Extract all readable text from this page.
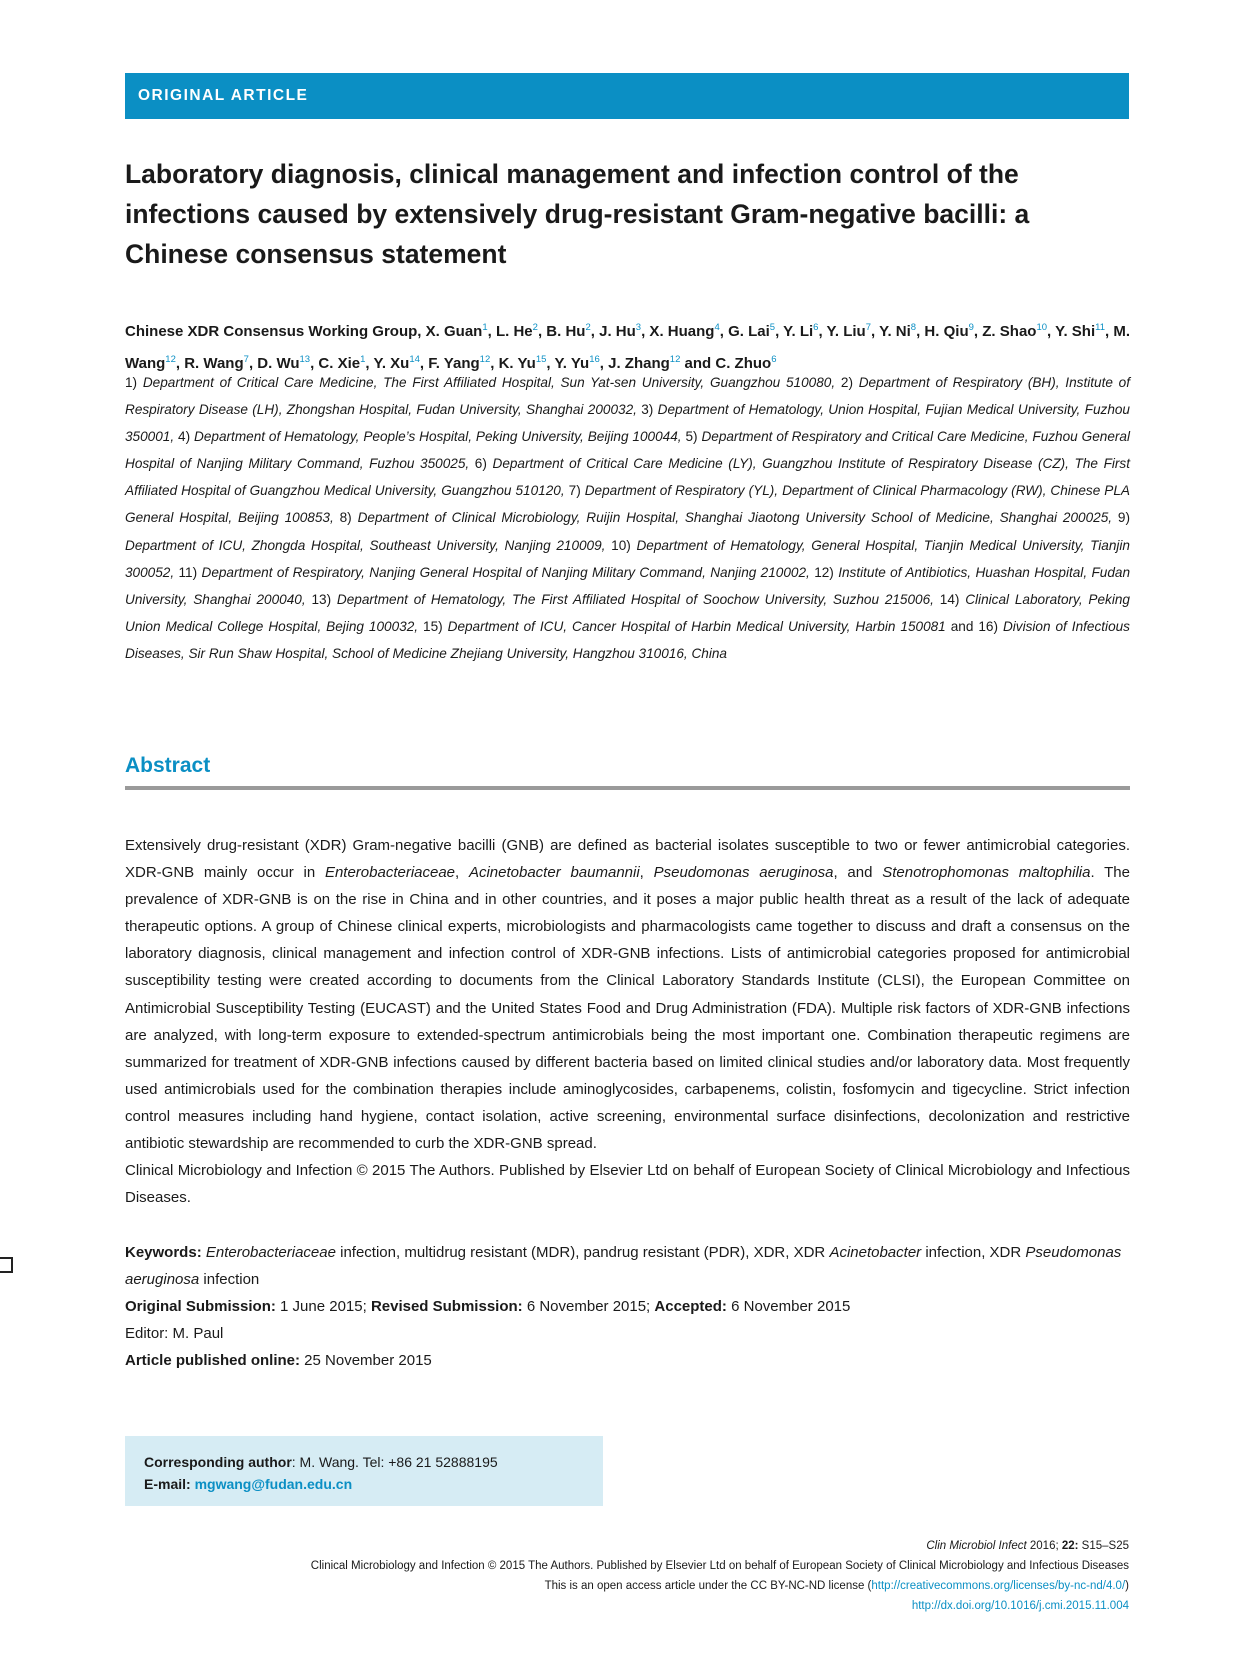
ORIGINAL ARTICLE
Laboratory diagnosis, clinical management and infection control of the infections caused by extensively drug-resistant Gram-negative bacilli: a Chinese consensus statement
Chinese XDR Consensus Working Group, X. Guan$^1$, L. He$^2$, B. Hu$^2$, J. Hu$^3$, X. Huang$^4$, G. Lai$^5$, Y. Li$^6$, Y. Liu$^7$, Y. Ni$^8$, H. Qiu$^9$, Z. Shao$^{10}$, Y. Shi$^{11}$, M. Wang$^{12}$, R. Wang$^7$, D. Wu$^{13}$, C. Xie$^1$, Y. Xu$^{14}$, F. Yang$^{12}$, K. Yu$^{15}$, Y. Yu$^{16}$, J. Zhang$^{12}$ and C. Zhuo$^6$
1) Department of Critical Care Medicine, The First Affiliated Hospital, Sun Yat-sen University, Guangzhou 510080, 2) Department of Respiratory (BH), Institute of Respiratory Disease (LH), Zhongshan Hospital, Fudan University, Shanghai 200032, 3) Department of Hematology, Union Hospital, Fujian Medical University, Fuzhou 350001, 4) Department of Hematology, People’s Hospital, Peking University, Beijing 100044, 5) Department of Respiratory and Critical Care Medicine, Fuzhou General Hospital of Nanjing Military Command, Fuzhou 350025, 6) Department of Critical Care Medicine (LY), Guangzhou Institute of Respiratory Disease (CZ), The First Affiliated Hospital of Guangzhou Medical University, Guangzhou 510120, 7) Department of Respiratory (YL), Department of Clinical Pharmacology (RW), Chinese PLA General Hospital, Beijing 100853, 8) Department of Clinical Microbiology, Ruijin Hospital, Shanghai Jiaotong University School of Medicine, Shanghai 200025, 9) Department of ICU, Zhongda Hospital, Southeast University, Nanjing 210009, 10) Department of Hematology, General Hospital, Tianjin Medical University, Tianjin 300052, 11) Department of Respiratory, Nanjing General Hospital of Nanjing Military Command, Nanjing 210002, 12) Institute of Antibiotics, Huashan Hospital, Fudan University, Shanghai 200040, 13) Department of Hematology, The First Affiliated Hospital of Soochow University, Suzhou 215006, 14) Clinical Laboratory, Peking Union Medical College Hospital, Bejing 100032, 15) Department of ICU, Cancer Hospital of Harbin Medical University, Harbin 150081 and 16) Division of Infectious Diseases, Sir Run Shaw Hospital, School of Medicine Zhejiang University, Hangzhou 310016, China
Abstract

Extensively drug-resistant (XDR) Gram-negative bacilli (GNB) are defined as bacterial isolates susceptible to two or fewer antimicrobial categories. XDR-GNB mainly occur in Enterobacteriaceae, Acinetobacter baumannii, Pseudomonas aeruginosa, and Stenotrophomonas maltophilia. The prevalence of XDR-GNB is on the rise in China and in other countries, and it poses a major public health threat as a result of the lack of adequate therapeutic options. A group of Chinese clinical experts, microbiologists and pharmacologists came together to discuss and draft a consensus on the laboratory diagnosis, clinical management and infection control of XDR-GNB infections. Lists of antimicrobial categories proposed for antimicrobial susceptibility testing were created according to documents from the Clinical Laboratory Standards Institute (CLSI), the European Committee on Antimicrobial Susceptibility Testing (EUCAST) and the United States Food and Drug Administration (FDA). Multiple risk factors of XDR-GNB infections are analyzed, with long-term exposure to extended-spectrum antimicrobials being the most important one. Combination therapeutic regimens are summarized for treatment of XDR-GNB infections caused by different bacteria based on limited clinical studies and/or laboratory data. Most frequently used antimicrobials used for the combination therapies include aminoglycosides, carbapenems, colistin, fosfomycin and tigecycline. Strict infection control measures including hand hygiene, contact isolation, active screening, environmental surface disinfections, decolonization and restrictive antibiotic stewardship are recommended to curb the XDR-GNB spread.

Clinical Microbiology and Infection © 2015 The Authors. Published by Elsevier Ltd on behalf of European Society of Clinical Microbiology and Infectious Diseases.

Keywords: Enterobacteriaceae infection, multidrug resistant (MDR), pandrug resistant (PDR), XDR, XDR Acinetobacter infection, XDR Pseudomonas aeruginosa infection

Original Submission: 1 June 2015; Revised Submission: 6 November 2015; Accepted: 6 November 2015

Editor: M. Paul

Article published online: 25 November 2015

Corresponding author: M. Wang. Tel: +86 21 52888195
E-mail: mgwang@fudan.edu.cn
Clin Microbiol Infect 2016; 22: S15–S25
Clinical Microbiology and Infection © 2015 The Authors. Published by Elsevier Ltd on behalf of European Society of Clinical Microbiology and Infectious Diseases
This is an open access article under the CC BY-NC-ND license (http://creativecommons.org/licenses/by-nc-nd/4.0/)
http://dx.doi.org/10.1016/j.cmi.2015.11.004
